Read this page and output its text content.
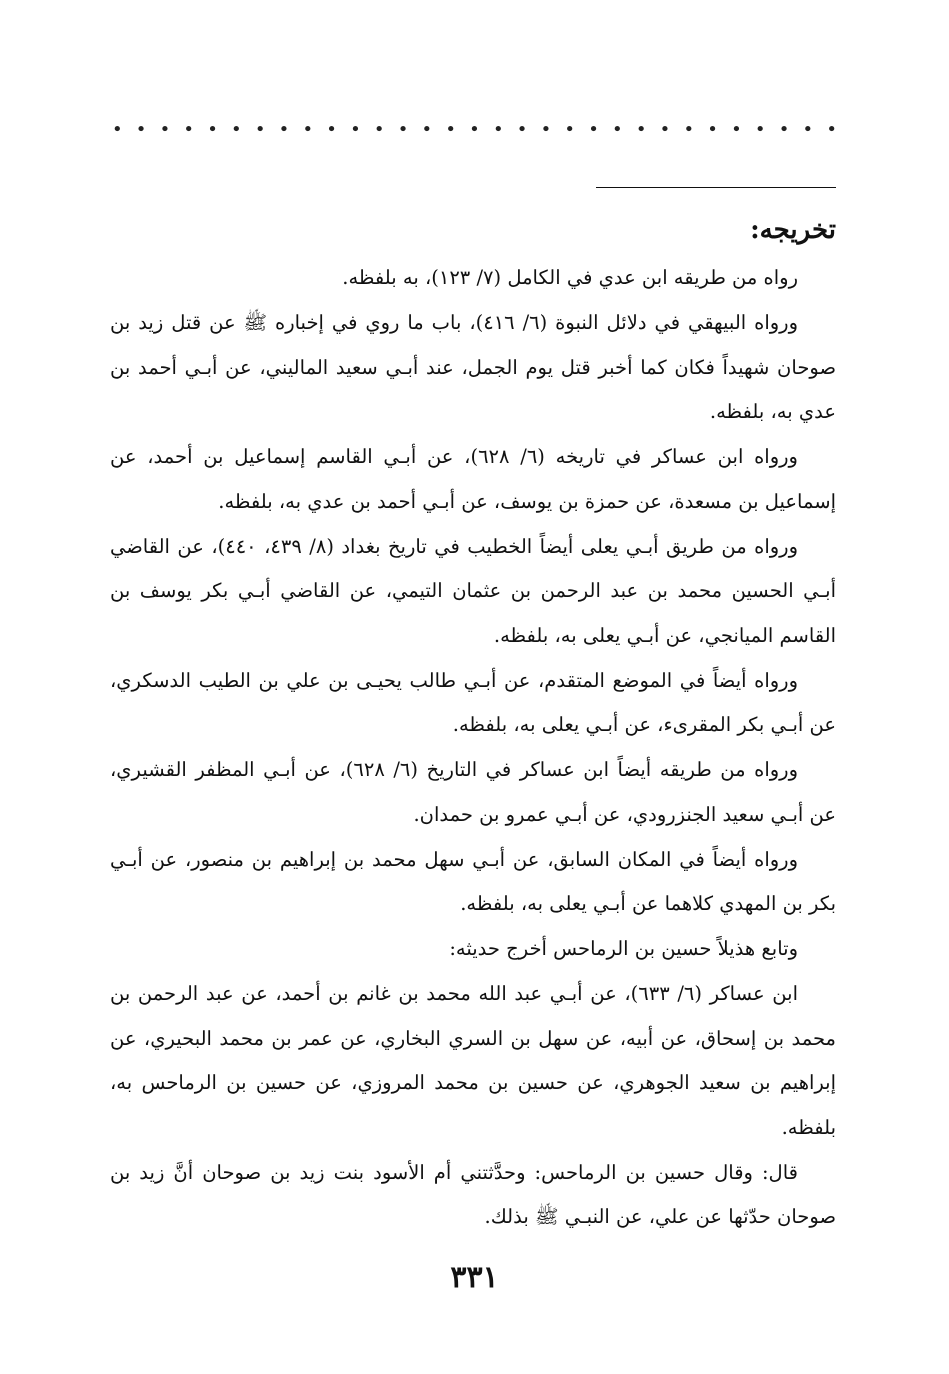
• • • • • • • • • • • • • • • • • • • • • • • • • • • • • • •
تخريجه:

رواه من طريقه ابن عدي في الكامل (٧/ ١٢٣)، به بلفظه.

ورواه البيهقي في دلائل النبوة (٦/ ٤١٦)، باب ما روي في إخباره ﷺ عن قتل زيد بن صوحان شهيداً فكان كما أخبر قتل يوم الجمل، عند أبـي سعيد الماليني، عن أبـي أحمد بن عدي به، بلفظه.

ورواه ابن عساكر في تاريخه (٦/ ٦٢٨)، عن أبـي القاسم إسماعيل بن أحمد، عن إسماعيل بن مسعدة، عن حمزة بن يوسف، عن أبـي أحمد بن عدي به، بلفظه.

ورواه من طريق أبـي يعلى أيضاً الخطيب في تاريخ بغداد (٨/ ٤٣٩، ٤٤٠)، عن القاضي أبـي الحسين محمد بن عبد الرحمن بن عثمان التيمي، عن القاضي أبـي بكر يوسف بن القاسم الميانجي، عن أبـي يعلى به، بلفظه.

ورواه أيضاً في الموضع المتقدم، عن أبـي طالب يحيـى بن علي بن الطيب الدسكري، عن أبـي بكر المقرىء، عن أبـي يعلى به، بلفظه.

ورواه من طريقه أيضاً ابن عساكر في التاريخ (٦/ ٦٢٨)، عن أبـي المظفر القشيري، عن أبـي سعيد الجنزرودي، عن أبـي عمرو بن حمدان.

ورواه أيضاً في المكان السابق، عن أبـي سهل محمد بن إبراهيم بن منصور، عن أبـي بكر بن المهدي كلاهما عن أبـي يعلى به، بلفظه.

وتابع هذيلاً حسين بن الرماحس أخرج حديثه:

ابن عساكر (٦/ ٦٣٣)، عن أبـي عبد الله محمد بن غانم بن أحمد، عن عبد الرحمن بن محمد بن إسحاق، عن أبيه، عن سهل بن السري البخاري، عن عمر بن محمد البحيري، عن إبراهيم بن سعيد الجوهري، عن حسين بن محمد المروزي، عن حسين بن الرماحس به، بلفظه.

قال: وقال حسين بن الرماحس: وحدَّثتني أم الأسود بنت زيد بن صوحان أنَّ زيد بن صوحان حدّثها عن علي، عن النبـي ﷺ بذلك.

٣٣١
